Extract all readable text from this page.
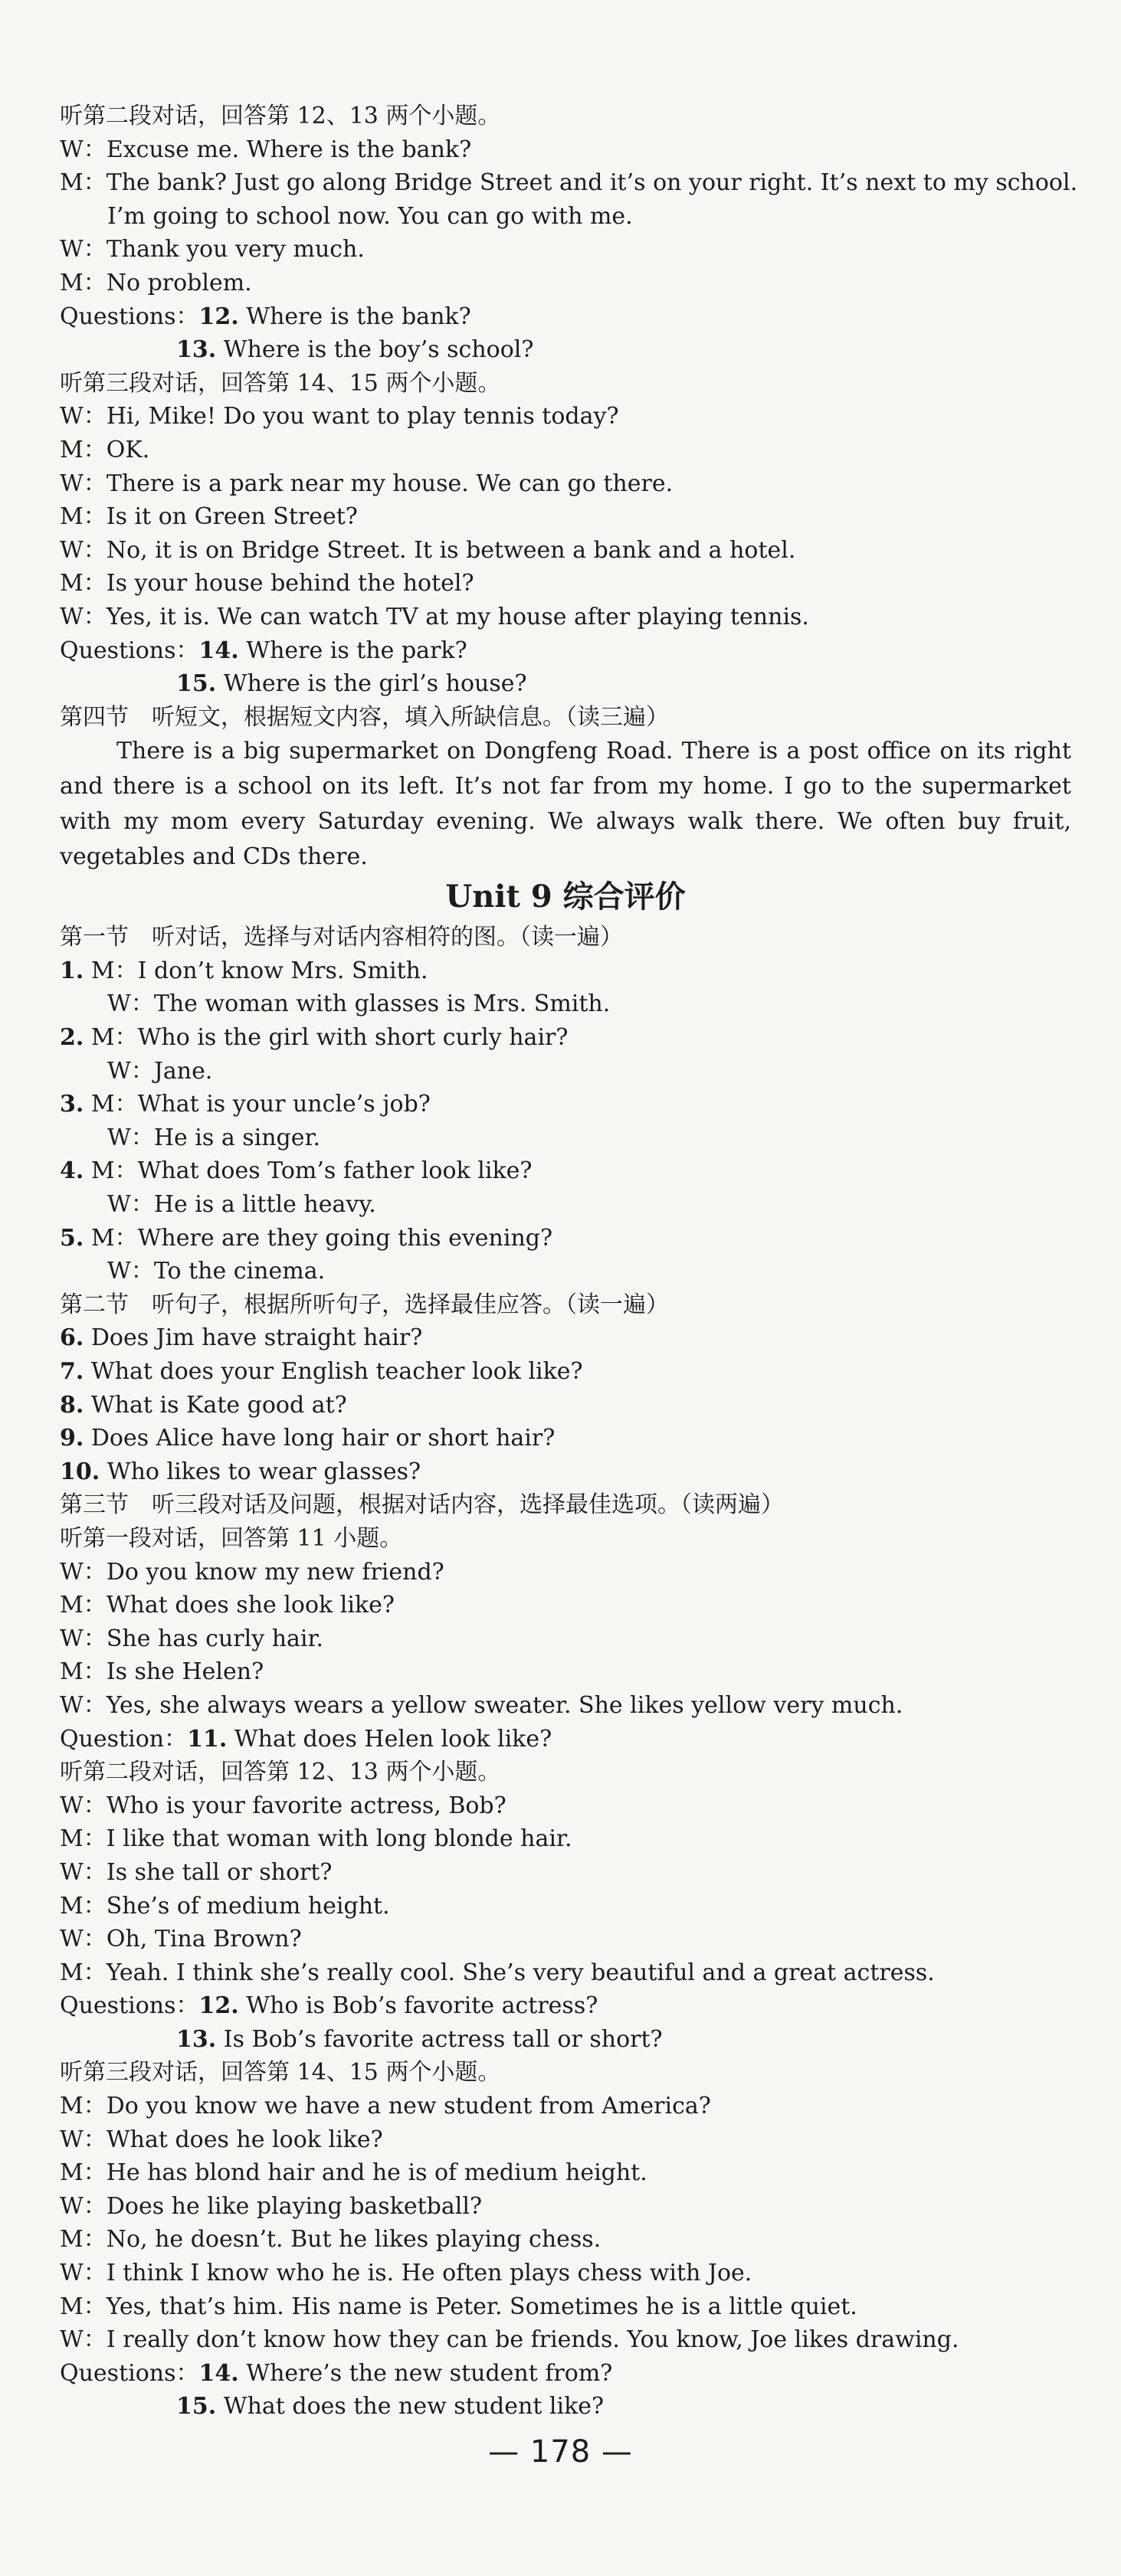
听第二段对话，回答第 12、13 两个小题。
W：Excuse me. Where is the bank?
M：The bank? Just go along Bridge Street and it’s on your right. It’s next to my school.
I’m going to school now. You can go with me.
W：Thank you very much.
M：No problem.
Questions：12. Where is the bank?
13. Where is the boy’s school?
听第三段对话，回答第 14、15 两个小题。
W：Hi, Mike! Do you want to play tennis today?
M：OK.
W：There is a park near my house. We can go there.
M：Is it on Green Street?
W：No, it is on Bridge Street. It is between a bank and a hotel.
M：Is your house behind the hotel?
W：Yes, it is. We can watch TV at my house after playing tennis.
Questions：14. Where is the park?
15. Where is the girl’s house?
第四节　听短文，根据短文内容，填入所缺信息。（读三遍）
There is a big supermarket on Dongfeng Road. There is a post office on its right and there is a school on its left. It’s not far from my home. I go to the supermarket with my mom every Saturday evening. We always walk there. We often buy fruit, vegetables and CDs there.
Unit 9 综合评价
第一节　听对话，选择与对话内容相符的图。（读一遍）
1. M：I don’t know Mrs. Smith.
W：The woman with glasses is Mrs. Smith.
2. M：Who is the girl with short curly hair?
W：Jane.
3. M：What is your uncle’s job?
W：He is a singer.
4. M：What does Tom’s father look like?
W：He is a little heavy.
5. M：Where are they going this evening?
W：To the cinema.
第二节　听句子，根据所听句子，选择最佳应答。（读一遍）
6. Does Jim have straight hair?
7. What does your English teacher look like?
8. What is Kate good at?
9. Does Alice have long hair or short hair?
10. Who likes to wear glasses?
第三节　听三段对话及问题，根据对话内容，选择最佳选项。（读两遍）
听第一段对话，回答第 11 小题。
W：Do you know my new friend?
M：What does she look like?
W：She has curly hair.
M：Is she Helen?
W：Yes, she always wears a yellow sweater. She likes yellow very much.
Question：11. What does Helen look like?
听第二段对话，回答第 12、13 两个小题。
W：Who is your favorite actress, Bob?
M：I like that woman with long blonde hair.
W：Is she tall or short?
M：She’s of medium height.
W：Oh, Tina Brown?
M：Yeah. I think she’s really cool. She’s very beautiful and a great actress.
Questions：12. Who is Bob’s favorite actress?
13. Is Bob’s favorite actress tall or short?
听第三段对话，回答第 14、15 两个小题。
M：Do you know we have a new student from America?
W：What does he look like?
M：He has blond hair and he is of medium height.
W：Does he like playing basketball?
M：No, he doesn’t. But he likes playing chess.
W：I think I know who he is. He often plays chess with Joe.
M：Yes, that’s him. His name is Peter. Sometimes he is a little quiet.
W：I really don’t know how they can be friends. You know, Joe likes drawing.
Questions：14. Where’s the new student from?
15. What does the new student like?
— 178 —
